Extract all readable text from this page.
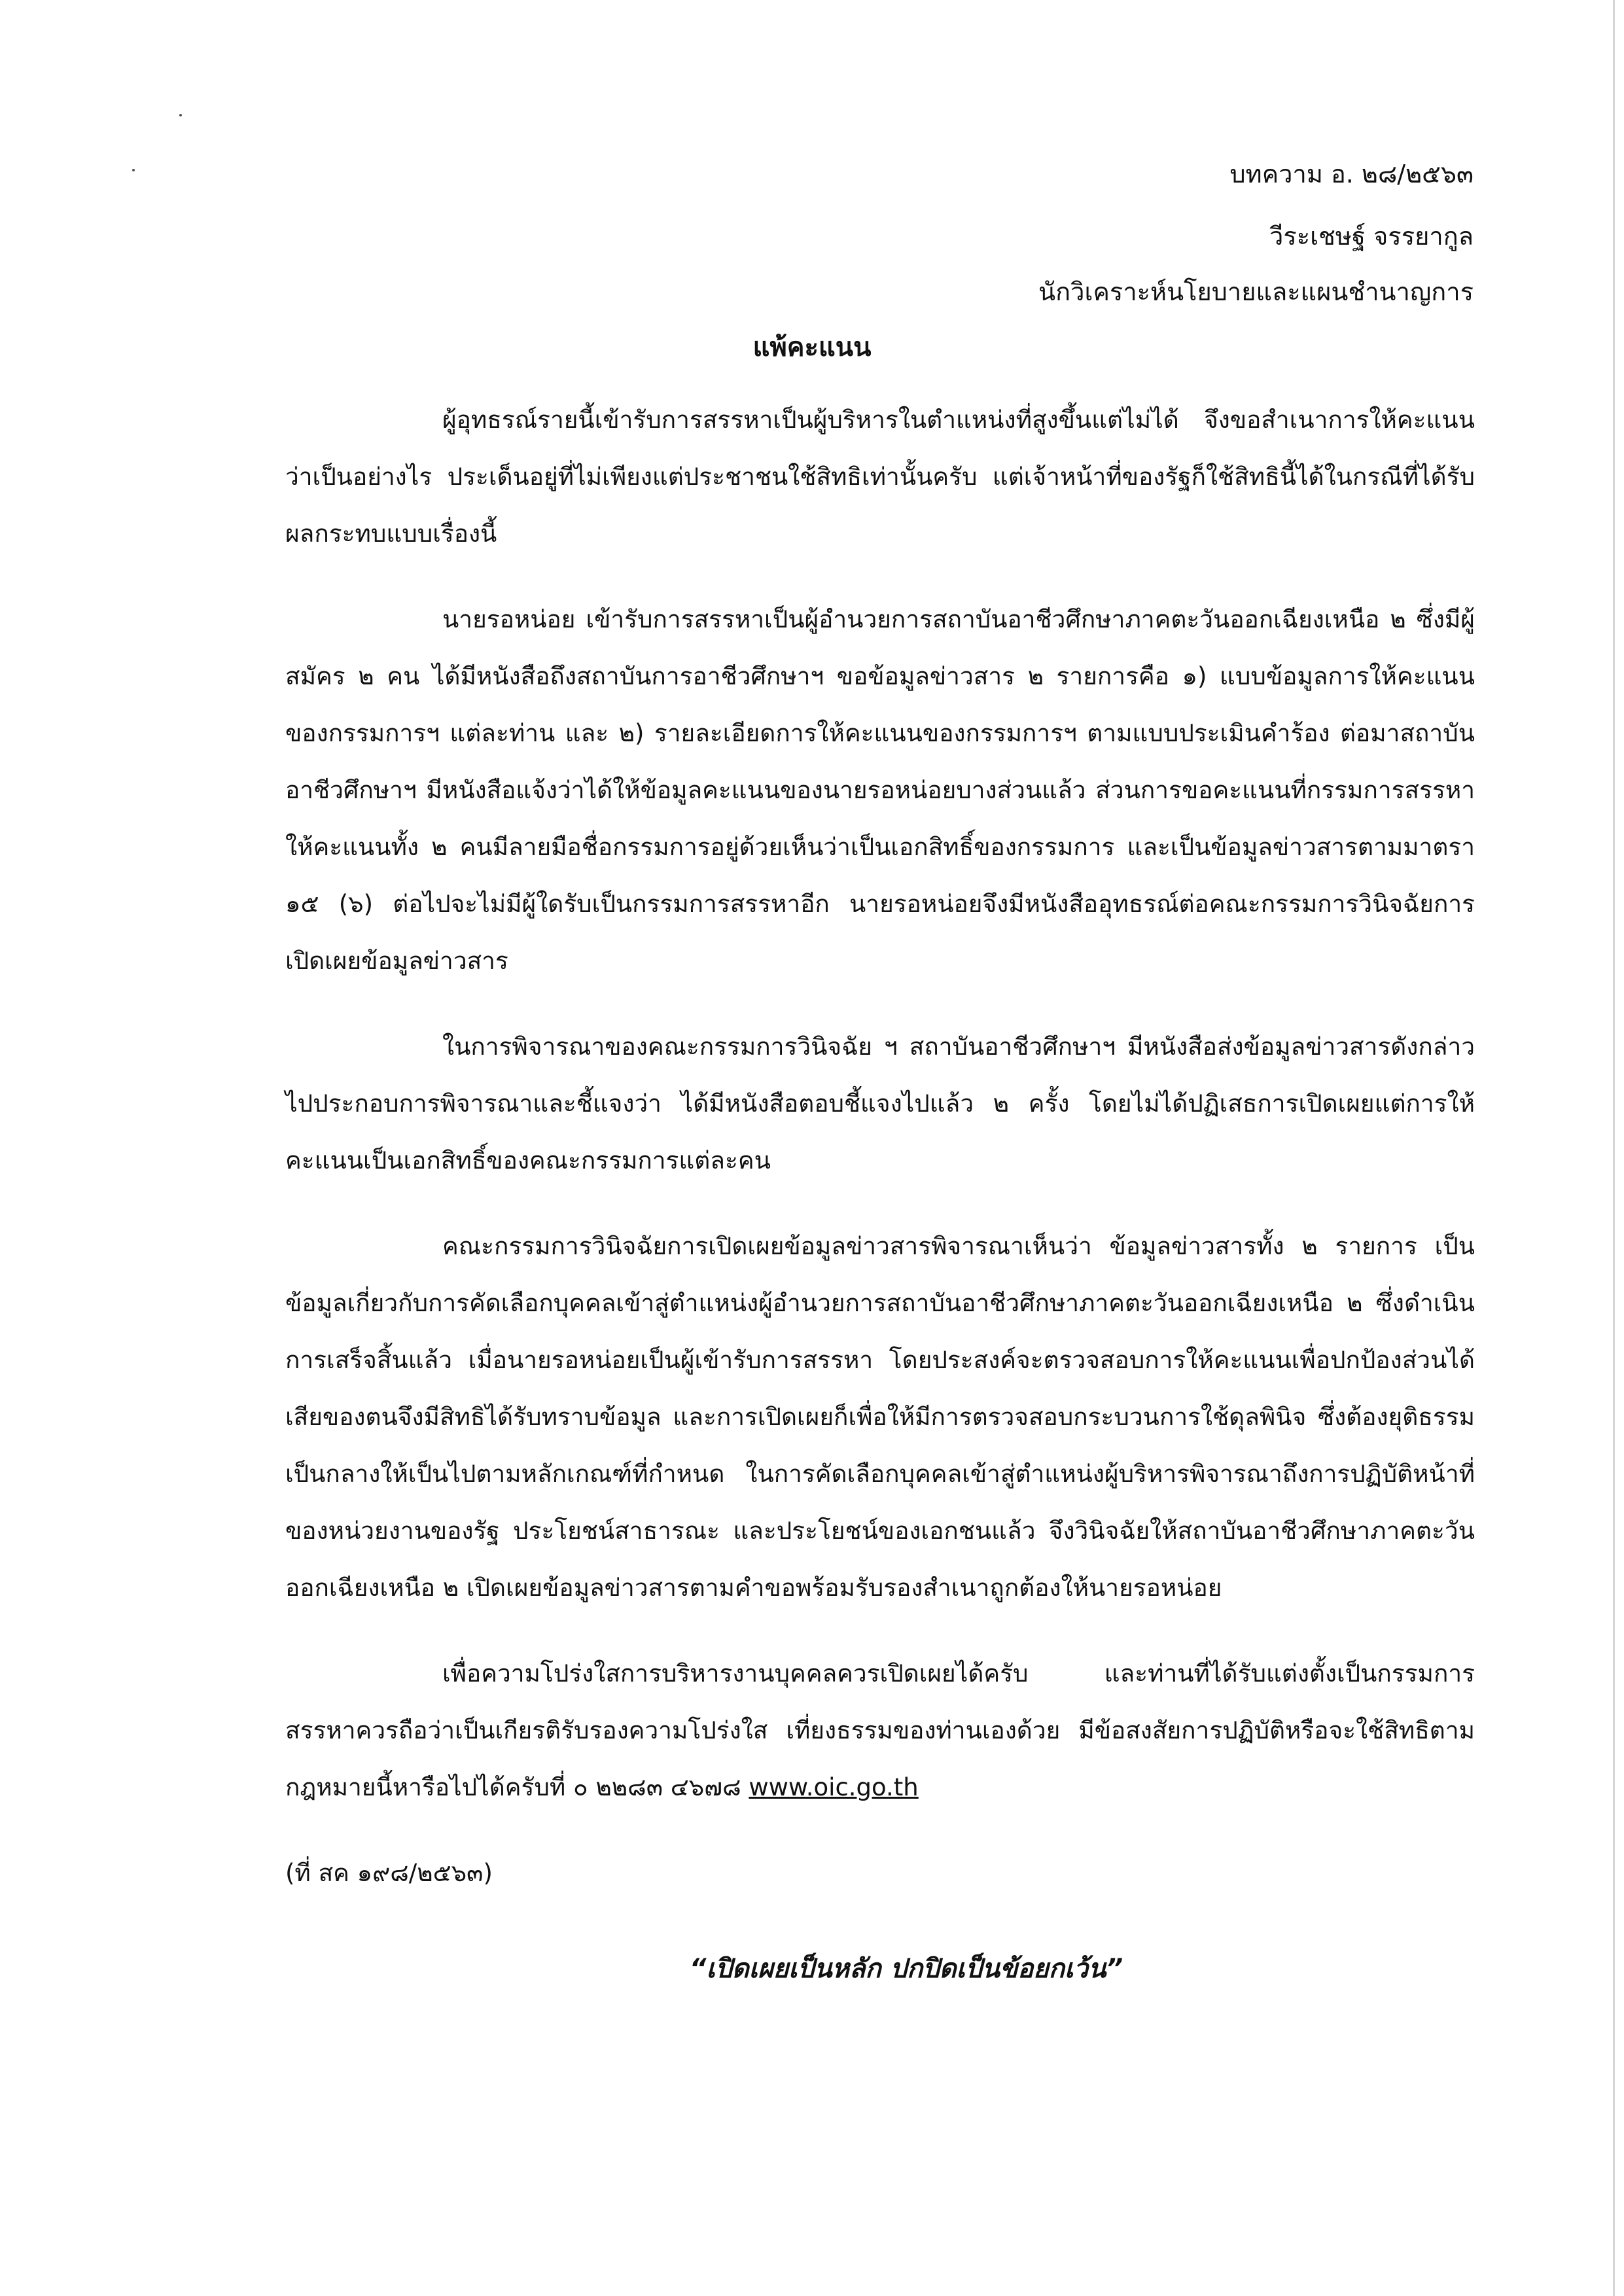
บทความ อ. ๒๘/๒๕๖๓
วีระเชษฐ์ จรรยากูล
นักวิเคราะห์นโยบายและแผนชำนาญการ
แพ้คะแนน

ผู้อุทธรณ์รายนี้เข้ารับการสรรหาเป็นผู้บริหารในตำแหน่งที่สูงขึ้นแต่ไม่ได้ จึงขอสำเนาการให้คะแนนว่าเป็นอย่างไร ประเด็นอยู่ที่ไม่เพียงแต่ประชาชนใช้สิทธิเท่านั้นครับ แต่เจ้าหน้าที่ของรัฐก็ใช้สิทธินี้ได้ในกรณีที่ได้รับผลกระทบแบบเรื่องนี้

นายรอหน่อย เข้ารับการสรรหาเป็นผู้อำนวยการสถาบันอาชีวศึกษาภาคตะวันออกเฉียงเหนือ ๒ ซึ่งมีผู้สมัคร ๒ คน ได้มีหนังสือถึงสถาบันการอาชีวศึกษาฯ ขอข้อมูลข่าวสาร ๒ รายการคือ ๑) แบบข้อมูลการให้คะแนนของกรรมการฯ แต่ละท่าน และ ๒) รายละเอียดการให้คะแนนของกรรมการฯ ตามแบบประเมินคำร้อง ต่อมาสถาบันอาชีวศึกษาฯ มีหนังสือแจ้งว่าได้ให้ข้อมูลคะแนนของนายรอหน่อยบางส่วนแล้ว ส่วนการขอคะแนนที่กรรมการสรรหาให้คะแนนทั้ง ๒ คนมีลายมือชื่อกรรมการอยู่ด้วยเห็นว่าเป็นเอกสิทธิ์ของกรรมการ และเป็นข้อมูลข่าวสารตามมาตรา ๑๕ (๖) ต่อไปจะไม่มีผู้ใดรับเป็นกรรมการสรรหาอีก นายรอหน่อยจึงมีหนังสืออุทธรณ์ต่อคณะกรรมการวินิจฉัยการเปิดเผยข้อมูลข่าวสาร

ในการพิจารณาของคณะกรรมการวินิจฉัย ฯ สถาบันอาชีวศึกษาฯ มีหนังสือส่งข้อมูลข่าวสารดังกล่าวไปประกอบการพิจารณาและชี้แจงว่า ได้มีหนังสือตอบชี้แจงไปแล้ว ๒ ครั้ง โดยไม่ได้ปฏิเสธการเปิดเผยแต่การให้คะแนนเป็นเอกสิทธิ์ของคณะกรรมการแต่ละคน

คณะกรรมการวินิจฉัยการเปิดเผยข้อมูลข่าวสารพิจารณาเห็นว่า ข้อมูลข่าวสารทั้ง ๒ รายการ เป็นข้อมูลเกี่ยวกับการคัดเลือกบุคคลเข้าสู่ตำแหน่งผู้อำนวยการสถาบันอาชีวศึกษาภาคตะวันออกเฉียงเหนือ ๒ ซึ่งดำเนินการเสร็จสิ้นแล้ว เมื่อนายรอหน่อยเป็นผู้เข้ารับการสรรหา โดยประสงค์จะตรวจสอบการให้คะแนนเพื่อปกป้องส่วนได้เสียของตนจึงมีสิทธิได้รับทราบข้อมูล และการเปิดเผยก็เพื่อให้มีการตรวจสอบกระบวนการใช้ดุลพินิจ ซึ่งต้องยุติธรรมเป็นกลางให้เป็นไปตามหลักเกณฑ์ที่กำหนด ในการคัดเลือกบุคคลเข้าสู่ตำแหน่งผู้บริหารพิจารณาถึงการปฏิบัติหน้าที่ของหน่วยงานของรัฐ ประโยชน์สาธารณะ และประโยชน์ของเอกชนแล้ว จึงวินิจฉัยให้สถาบันอาชีวศึกษาภาคตะวันออกเฉียงเหนือ ๒ เปิดเผยข้อมูลข่าวสารตามคำขอพร้อมรับรองสำเนาถูกต้องให้นายรอหน่อย

เพื่อความโปร่งใสการบริหารงานบุคคลควรเปิดเผยได้ครับ และท่านที่ได้รับแต่งตั้งเป็นกรรมการสรรหาควรถือว่าเป็นเกียรติรับรองความโปร่งใส เที่ยงธรรมของท่านเองด้วย มีข้อสงสัยการปฏิบัติหรือจะใช้สิทธิตามกฎหมายนี้หารือไปได้ครับที่ ๐ ๒๒๘๓ ๔๖๗๘ www.oic.go.th

(ที่ สค ๑๙๘/๒๕๖๓)

“เปิดเผยเป็นหลัก ปกปิดเป็นข้อยกเว้น”
